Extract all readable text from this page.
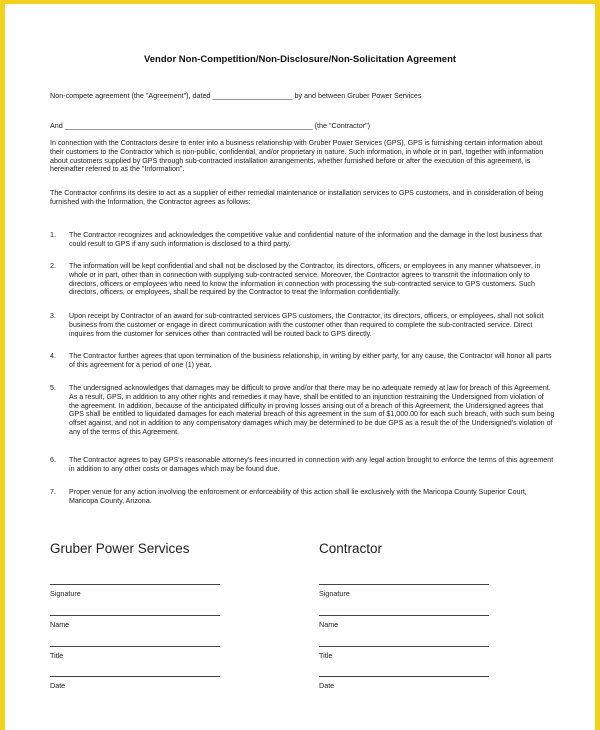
Vendor Non-Competition/Non-Disclosure/Non-Solicitation Agreement
Non-compete agreement (the "Agreement"), dated ____________________ by and between Gruber Power Services
And ______________________________________________________________ (the "Contractor")
In connection with the Contractors desire to enter into a business relationship with Gruber Power Services (GPS), GPS is furnishing certain information about their customers to the Contractor which is non-public, confidential, and/or proprietary in nature. Such information, in whole or in part, together with information about customers supplied by GPS through sub-contracted installation arrangements, whether furnished before or after the execution of this agreement, is hereinafter referred to as the "Information".
The Contractor confirms its desire to act as a supplier of either remedial maintenance or installation services to GPS customers, and in consideration of being furnished with the Information, the Contractor agrees as follows:
1. The Contractor recognizes and acknowledges the competitive value and confidential nature of the information and the damage in the lost business that could result to GPS if any such information is disclosed to a third party.
2. The information will be kept confidential and shall not be disclosed by the Contractor, its directors, officers, or employees in any manner whatsoever, in whole or in part, other than in connection with supplying sub-contracted service. Moreover, the Contractor agrees to transmit the information only to directors, officers or employees who need to know the information in connection with processing the sub-contracted service to GPS customers. Such directors, officers, or employees, shall be required by the Contractor to treat the Information confidentially.
3. Upon receipt by Contractor of an award for sub-contracted services GPS customers, the Contractor, its directors, officers, or employees, shall not solicit business from the customer or engage in direct communication with the customer other than required to complete the sub-contracted service. Direct inquires from the customer for services other than contracted will be routed back to GPS directly.
4. The Contractor further agrees that upon termination of the business relationship, in writing by either party, for any cause, the Contractor will honor all parts of this agreement for a period of one (1) year.
5. The undersigned acknowledges that damages may be difficult to prove and/or that there may be no adequate remedy at law for breach of this Agreement. As a result, GPS, in addition to any other rights and remedies it may have, shall be entitled to an injunction restraining the Undersigned from violation of the agreement. In addition, because of the anticipated difficulty in proving losses arising out of a breach of this Agreement, the Undersigned agrees that GPS shall be entitled to liquidated damages for each material breach of this agreement in the sum of $1,000.00 for each such breach, with such sum being offset against, and not in addition to any compensatory damages which may be determined to be due GPS as a result the of the Undersigned's violation of any of the terms of this Agreement.
6. The Contractor agrees to pay GPS's reasonable attorney's fees incurred in connection with any legal action brought to enforce the terms of this agreement in addition to any other costs or damages which may be found due.
7. Proper venue for any action involving the enforcement or enforceability of this action shall lie exclusively with the Maricopa County Superior Court, Maricopa County, Arizona.
Gruber Power Services	Contractor
Signature
Name
Title
Date
Signature
Name
Title
Date
